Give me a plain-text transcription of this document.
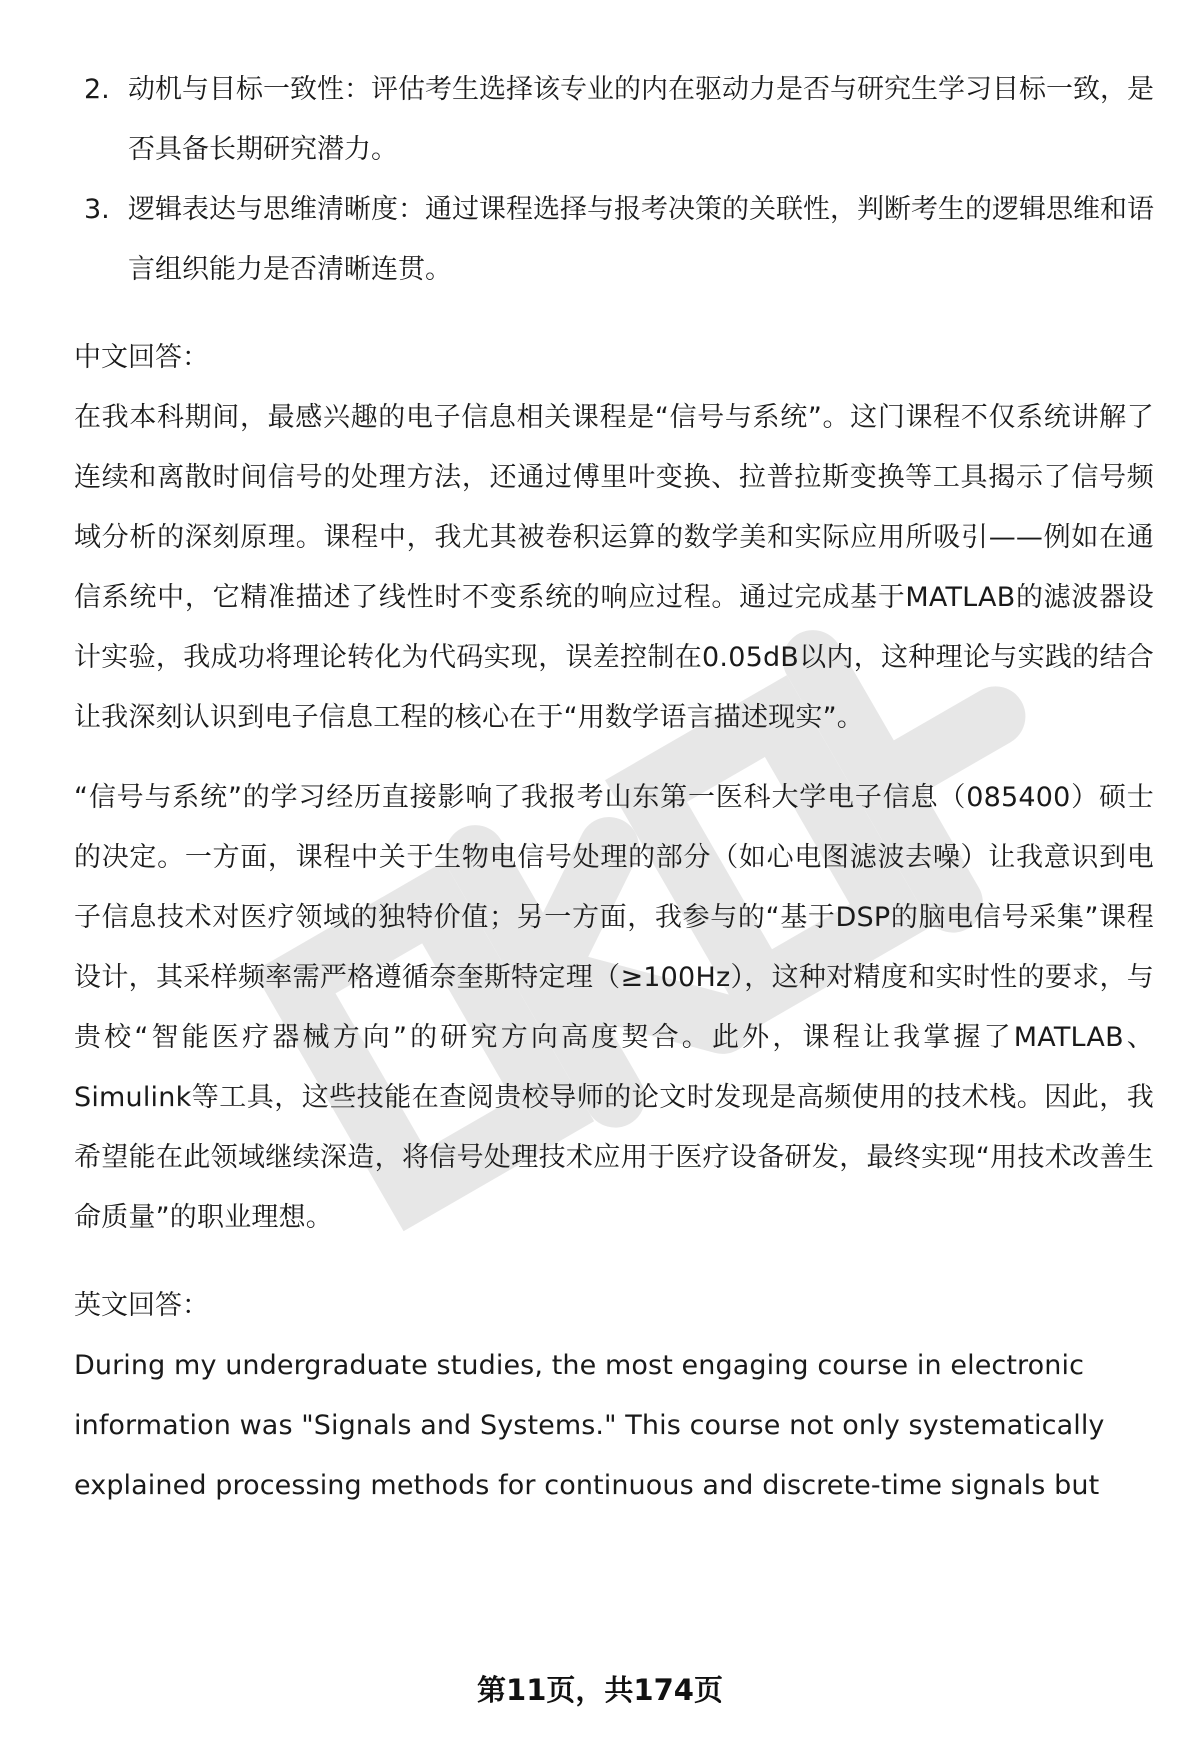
2. 动机与目标一致性：评估考生选择该专业的内在驱动力是否与研究生学习目标一致，是否具备长期研究潜力。
3. 逻辑表达与思维清晰度：通过课程选择与报考决策的关联性，判断考生的逻辑思维和语言组织能力是否清晰连贯。
中文回答：

在我本科期间，最感兴趣的电子信息相关课程是“信号与系统”。这门课程不仅系统讲解了连续和离散时间信号的处理方法，还通过傅里叶变换、拉普拉斯变换等工具揭示了信号频域分析的深刻原理。课程中，我尤其被卷积运算的数学美和实际应用所吸引——例如在通信系统中，它精准描述了线性时不变系统的响应过程。通过完成基于MATLAB的滤波器设计实验，我成功将理论转化为代码实现，误差控制在0.05dB以内，这种理论与实践的结合让我深刻认识到电子信息工程的核心在于“用数学语言描述现实”。

“信号与系统”的学习经历直接影响了我报考山东第一医科大学电子信息（085400）硕士的决定。一方面，课程中关于生物电信号处理的部分（如心电图滤波去噪）让我意识到电子信息技术对医疗领域的独特价值；另一方面，我参与的“基于DSP的脑电信号采集”课程设计，其采样频率需严格遵循奈奎斯特定理（≥100Hz），这种对精度和实时性的要求，与贵校“智能医疗器械方向”的研究方向高度契合。此外，课程让我掌握了MATLAB、Simulink等工具，这些技能在查阅贵校导师的论文时发现是高频使用的技术栈。因此，我希望能在此领域继续深造，将信号处理技术应用于医疗设备研发，最终实现“用技术改善生命质量”的职业理想。

英文回答：

During my undergraduate studies, the most engaging course in electronic information was "Signals and Systems." This course not only systematically explained processing methods for continuous and discrete-time signals but

第11页，共174页
